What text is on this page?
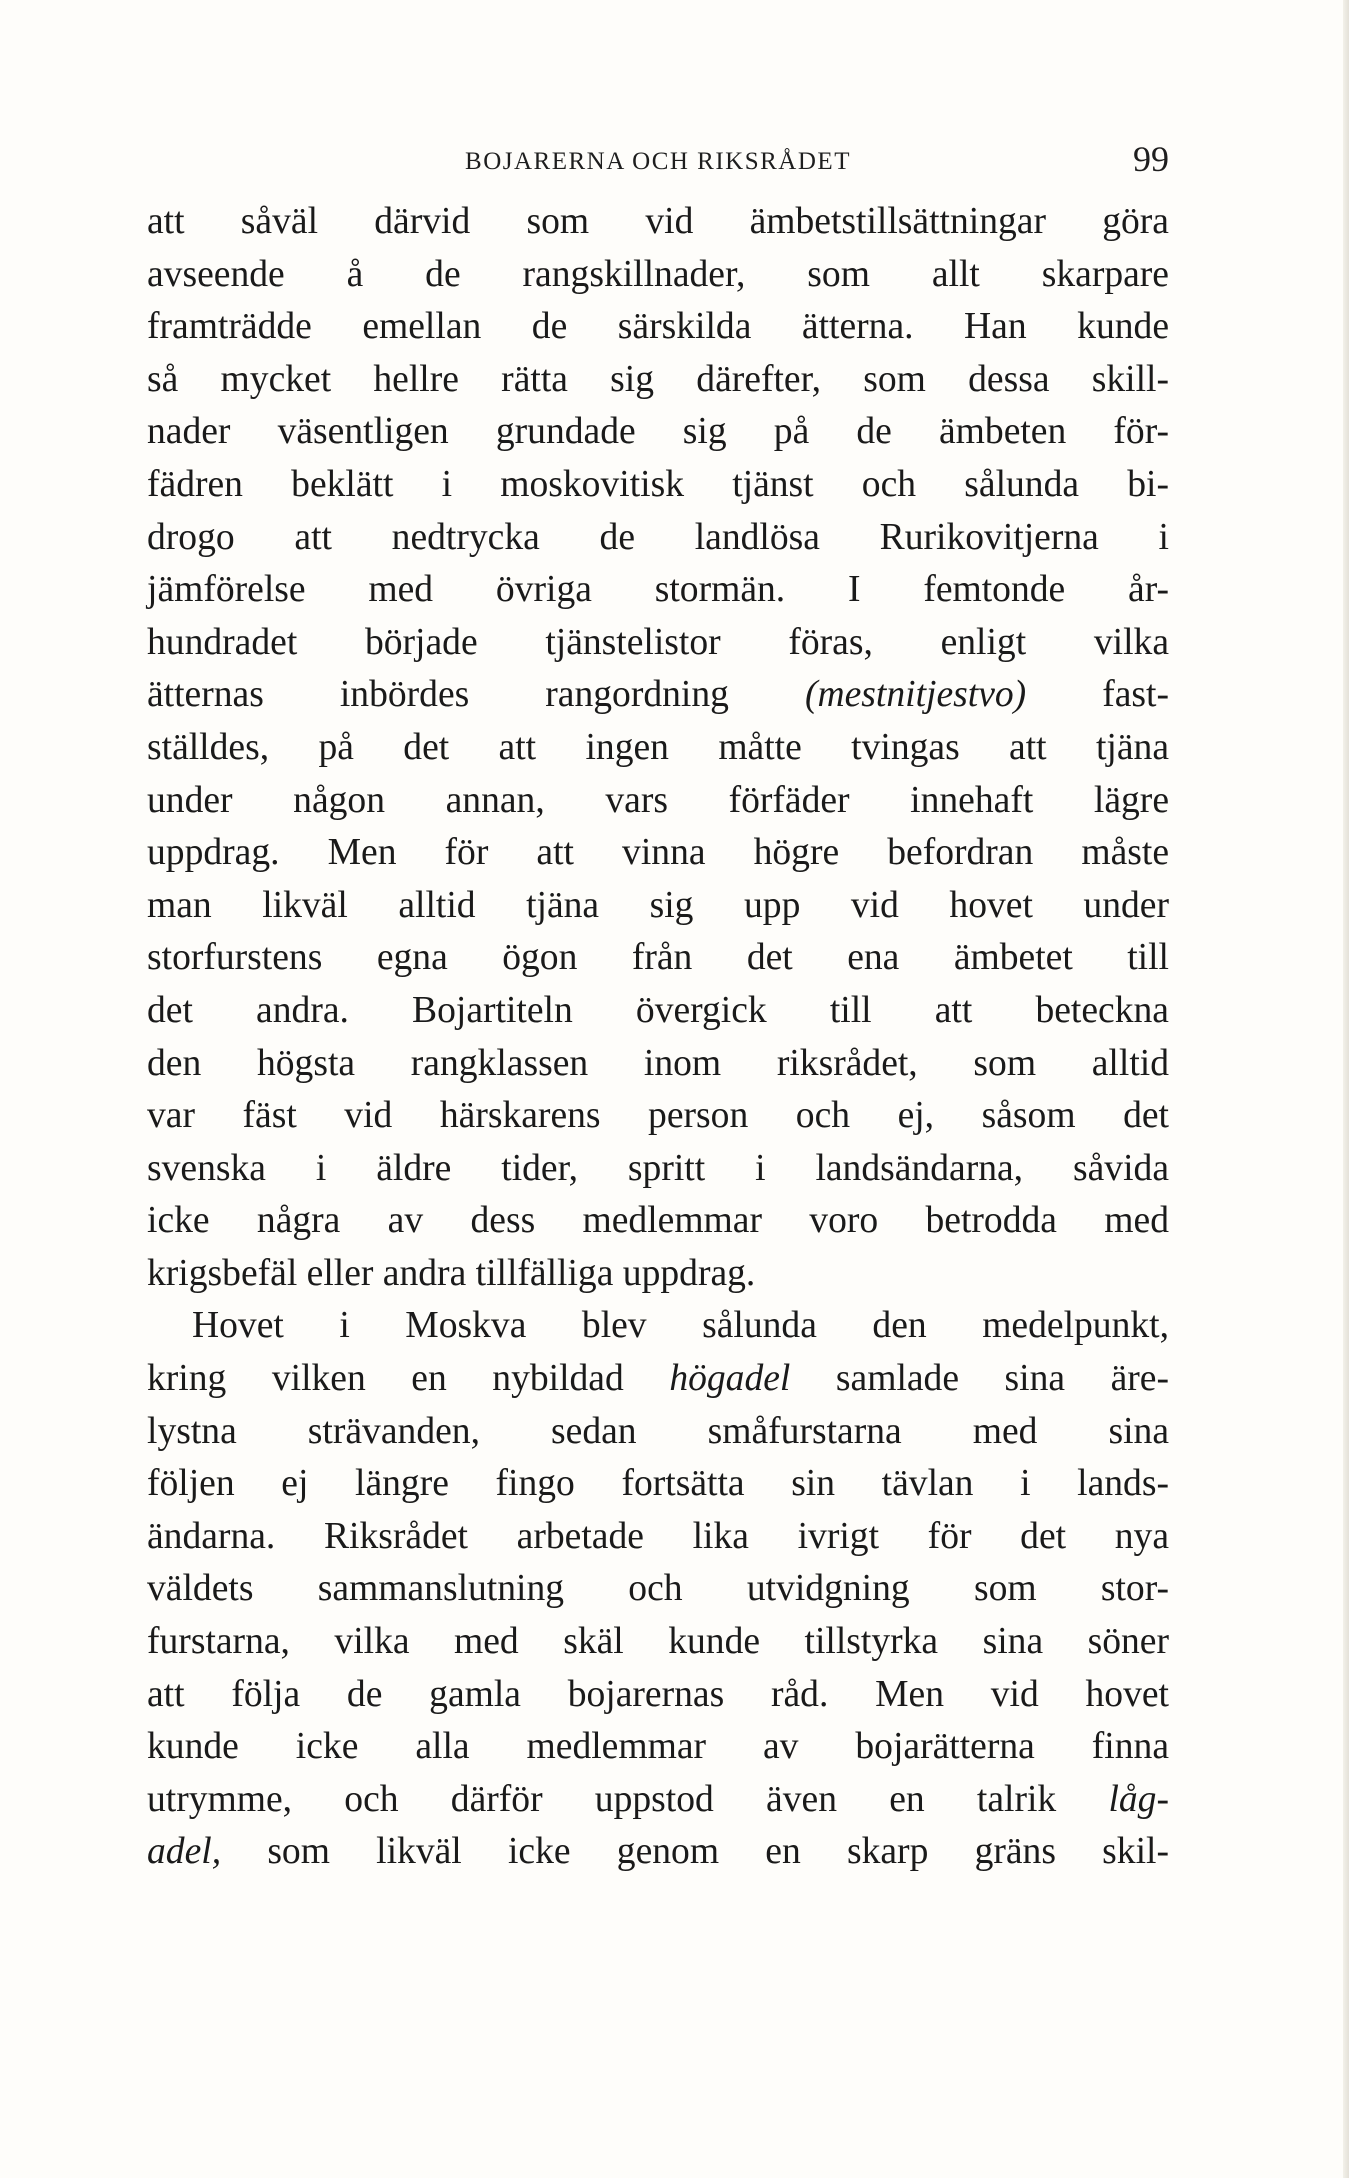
BOJARERNA OCH RIKSRÅDET	99
att såväl därvid som vid ämbetstillsättningar göra
avseende å de rangskillnader, som allt skarpare
framträdde emellan de särskilda ätterna. Han kunde
så mycket hellre rätta sig därefter, som dessa skill-
nader väsentligen grundade sig på de ämbeten för-
fädren beklätt i moskovitisk tjänst och sålunda bi-
drogo att nedtrycka de landlösa Rurikovitjerna i
jämförelse med övriga stormän. I femtonde år-
hundradet började tjänstelistor föras, enligt vilka
ätternas inbördes rangordning (mestnitjestvo) fast-
ställdes, på det att ingen måtte tvingas att tjäna
under någon annan, vars förfäder innehaft lägre
uppdrag. Men för att vinna högre befordran måste
man likväl alltid tjäna sig upp vid hovet under
storfurstens egna ögon från det ena ämbetet till
det andra. Bojartiteln övergick till att beteckna
den högsta rangklassen inom riksrådet, som alltid
var fäst vid härskarens person och ej, såsom det
svenska i äldre tider, spritt i landsändarna, såvida
icke några av dess medlemmar voro betrodda med
krigsbefäl eller andra tillfälliga uppdrag.
Hovet i Moskva blev sålunda den medelpunkt,
kring vilken en nybildad högadel samlade sina äre-
lystna strävanden, sedan småfurstarna med sina
följen ej längre fingo fortsätta sin tävlan i lands-
ändarna. Riksrådet arbetade lika ivrigt för det nya
väldets sammanslutning och utvidgning som stor-
furstarna, vilka med skäl kunde tillstyrka sina söner
att följa de gamla bojarernas råd. Men vid hovet
kunde icke alla medlemmar av bojarätterna finna
utrymme, och därför uppstod även en talrik låg-
adel, som likväl icke genom en skarp gräns skil-
